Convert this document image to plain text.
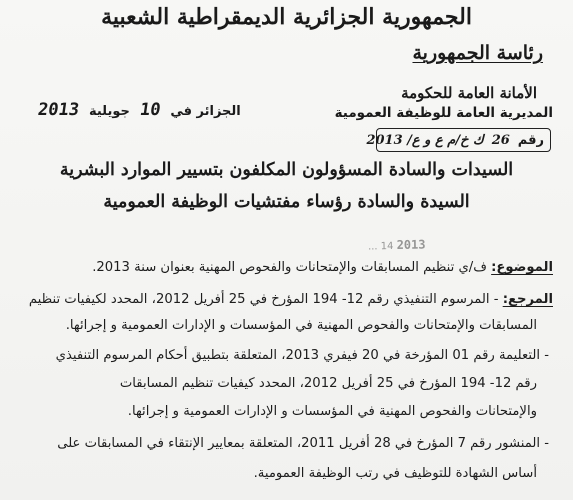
الجمهورية الجزائرية الديمقراطية الشعبية
رئاسة الجمهورية
الأمانة العامة للحكومة
المديرية العامة للوظيفة العمومية
الجزائر في
10
جويلية
2013
رقم
26
ك خ/م ع و ع/ 2013
السيدات والسادة المسؤولون المكلفون بتسيير الموارد البشرية
السيدة والسادة رؤساء مفتشيات الوظيفة العمومية
2013 14 ...
الموضوع: ف/ي تنظيم المسابقات والإمتحانات والفحوص المهنية بعنوان سنة 2013.
المرجع: - المرسوم التنفيذي رقم 12- 194 المؤرخ في 25 أفريل 2012، المحدد لكيفيات تنظيم
المسابقات والإمتحانات والفحوص المهنية في المؤسسات و الإدارات العمومية و إجرائها.
- التعليمة رقم 01 المؤرخة في 20 فيفري 2013، المتعلقة بتطبيق أحكام المرسوم التنفيذي
رقم 12- 194 المؤرخ في 25 أفريل 2012، المحدد كيفيات تنظيم المسابقات
والإمتحانات والفحوص المهنية في المؤسسات و الإدارات العمومية و إجرائها.
- المنشور رقم 7 المؤرخ في 28 أفريل 2011، المتعلقة بمعايير الإنتقاء في المسابقات على
أساس الشهادة للتوظيف في رتب الوظيفة العمومية.
